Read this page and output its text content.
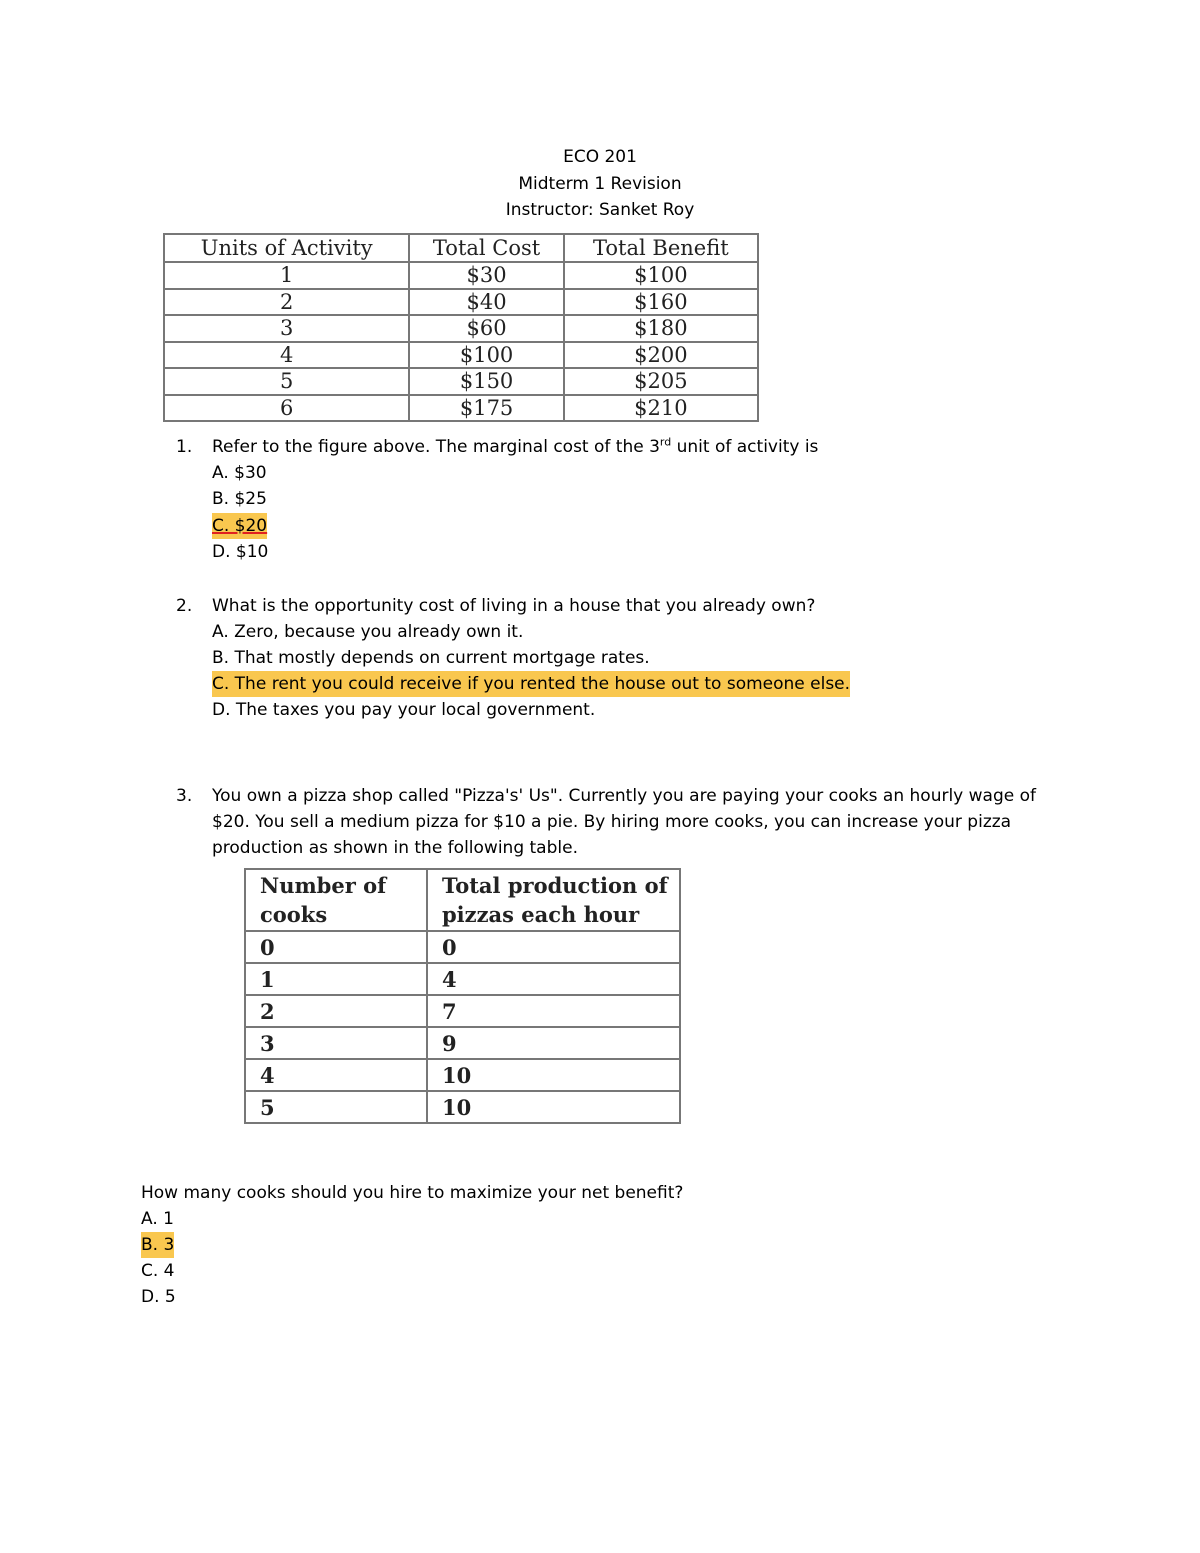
ECO 201
Midterm 1 Revision
Instructor: Sanket Roy
Units of Activity	Total Cost	Total Benefit
1	$30	$100
2	$40	$160
3	$60	$180
4	$100	$200
5	$150	$205
6	$175	$210
1. Refer to the figure above. The marginal cost of the 3rd unit of activity is
A. $30
B. $25
C. $20
D. $10
2. What is the opportunity cost of living in a house that you already own?
A. Zero, because you already own it.
B. That mostly depends on current mortgage rates.
C. The rent you could receive if you rented the house out to someone else.
D. The taxes you pay your local government.
3. You own a pizza shop called "Pizza's' Us". Currently you are paying your cooks an hourly wage of
$20. You sell a medium pizza for $10 a pie. By hiring more cooks, you can increase your pizza
production as shown in the following table.
Number of cooks	Total production of pizzas each hour
0	0
1	4
2	7
3	9
4	10
5	10
How many cooks should you hire to maximize your net benefit?
A. 1
B. 3
C. 4
D. 5
